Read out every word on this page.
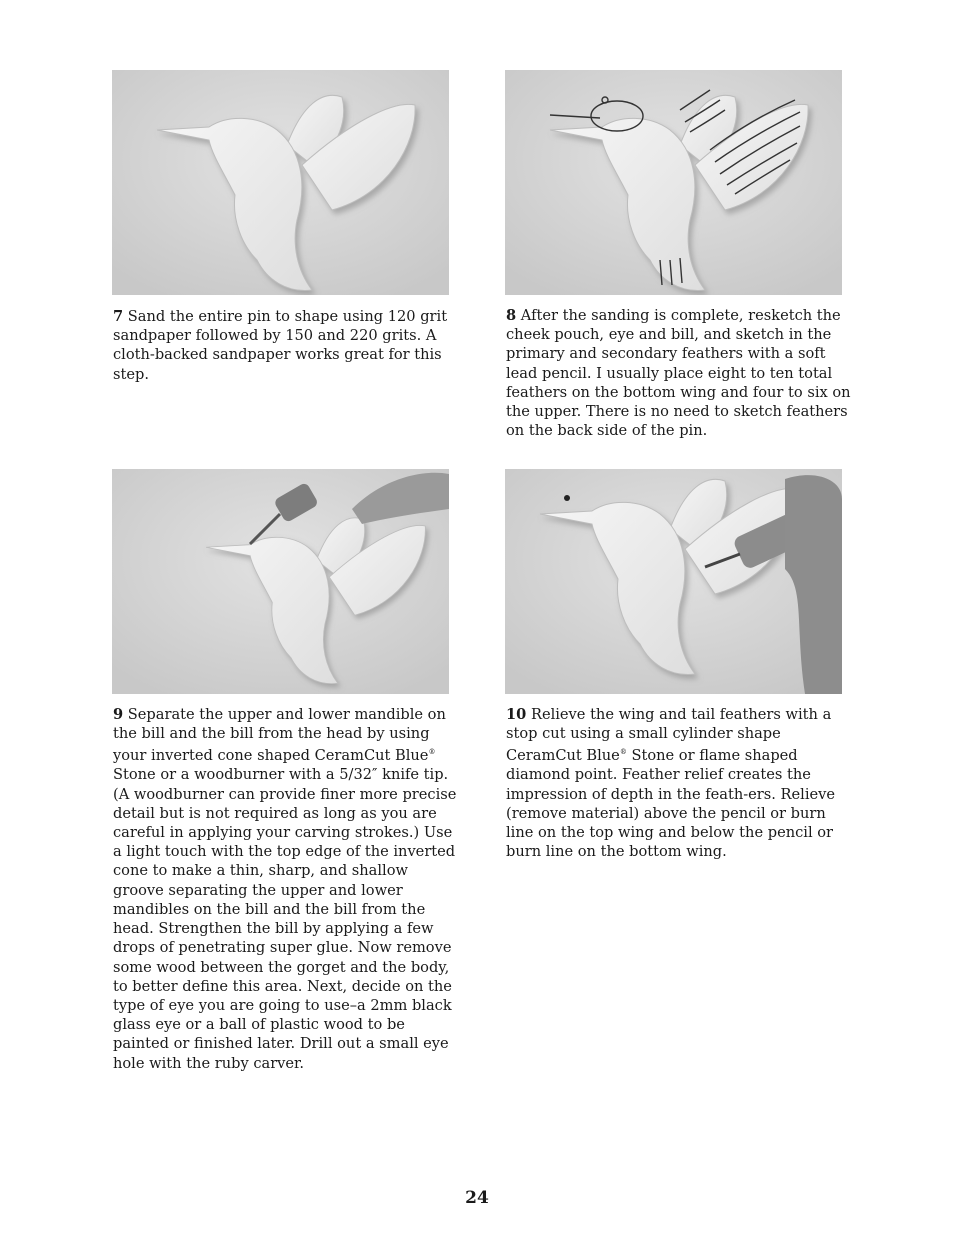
7 Sand the entire pin to shape using 120 grit sandpaper followed by 150 and 220 grits. A cloth-backed sandpaper works great for this step.

8 After the sanding is complete, resketch the cheek pouch, eye and bill, and sketch in the primary and secondary feathers with a soft lead pencil. I usually place eight to ten total feathers on the bottom wing and four to six on the upper. There is no need to sketch feathers on the back side of the pin.

9 Separate the upper and lower mandible on the bill and the bill from the head by using your inverted cone shaped CeramCut Blue® Stone or a woodburner with a 5/32″ knife tip. (A woodburner can provide finer more precise detail but is not required as long as you are careful in applying your carving strokes.) Use a light touch with the top edge of the inverted cone to make a thin, sharp, and shallow groove separating the upper and lower mandibles on the bill and the bill from the head. Strengthen the bill by applying a few drops of penetrating super glue. Now remove some wood between the gorget and the body, to better define this area. Next, decide on the type of eye you are going to use–a 2mm black glass eye or a ball of plastic wood to be painted or finished later. Drill out a small eye hole with the ruby carver.

10 Relieve the wing and tail feathers with a stop cut using a small cylinder shape CeramCut Blue® Stone or flame shaped diamond point. Feather relief creates the impression of depth in the feath-ers. Relieve (remove material) above the pencil or burn line on the top wing and below the pencil or burn line on the bottom wing.

24
